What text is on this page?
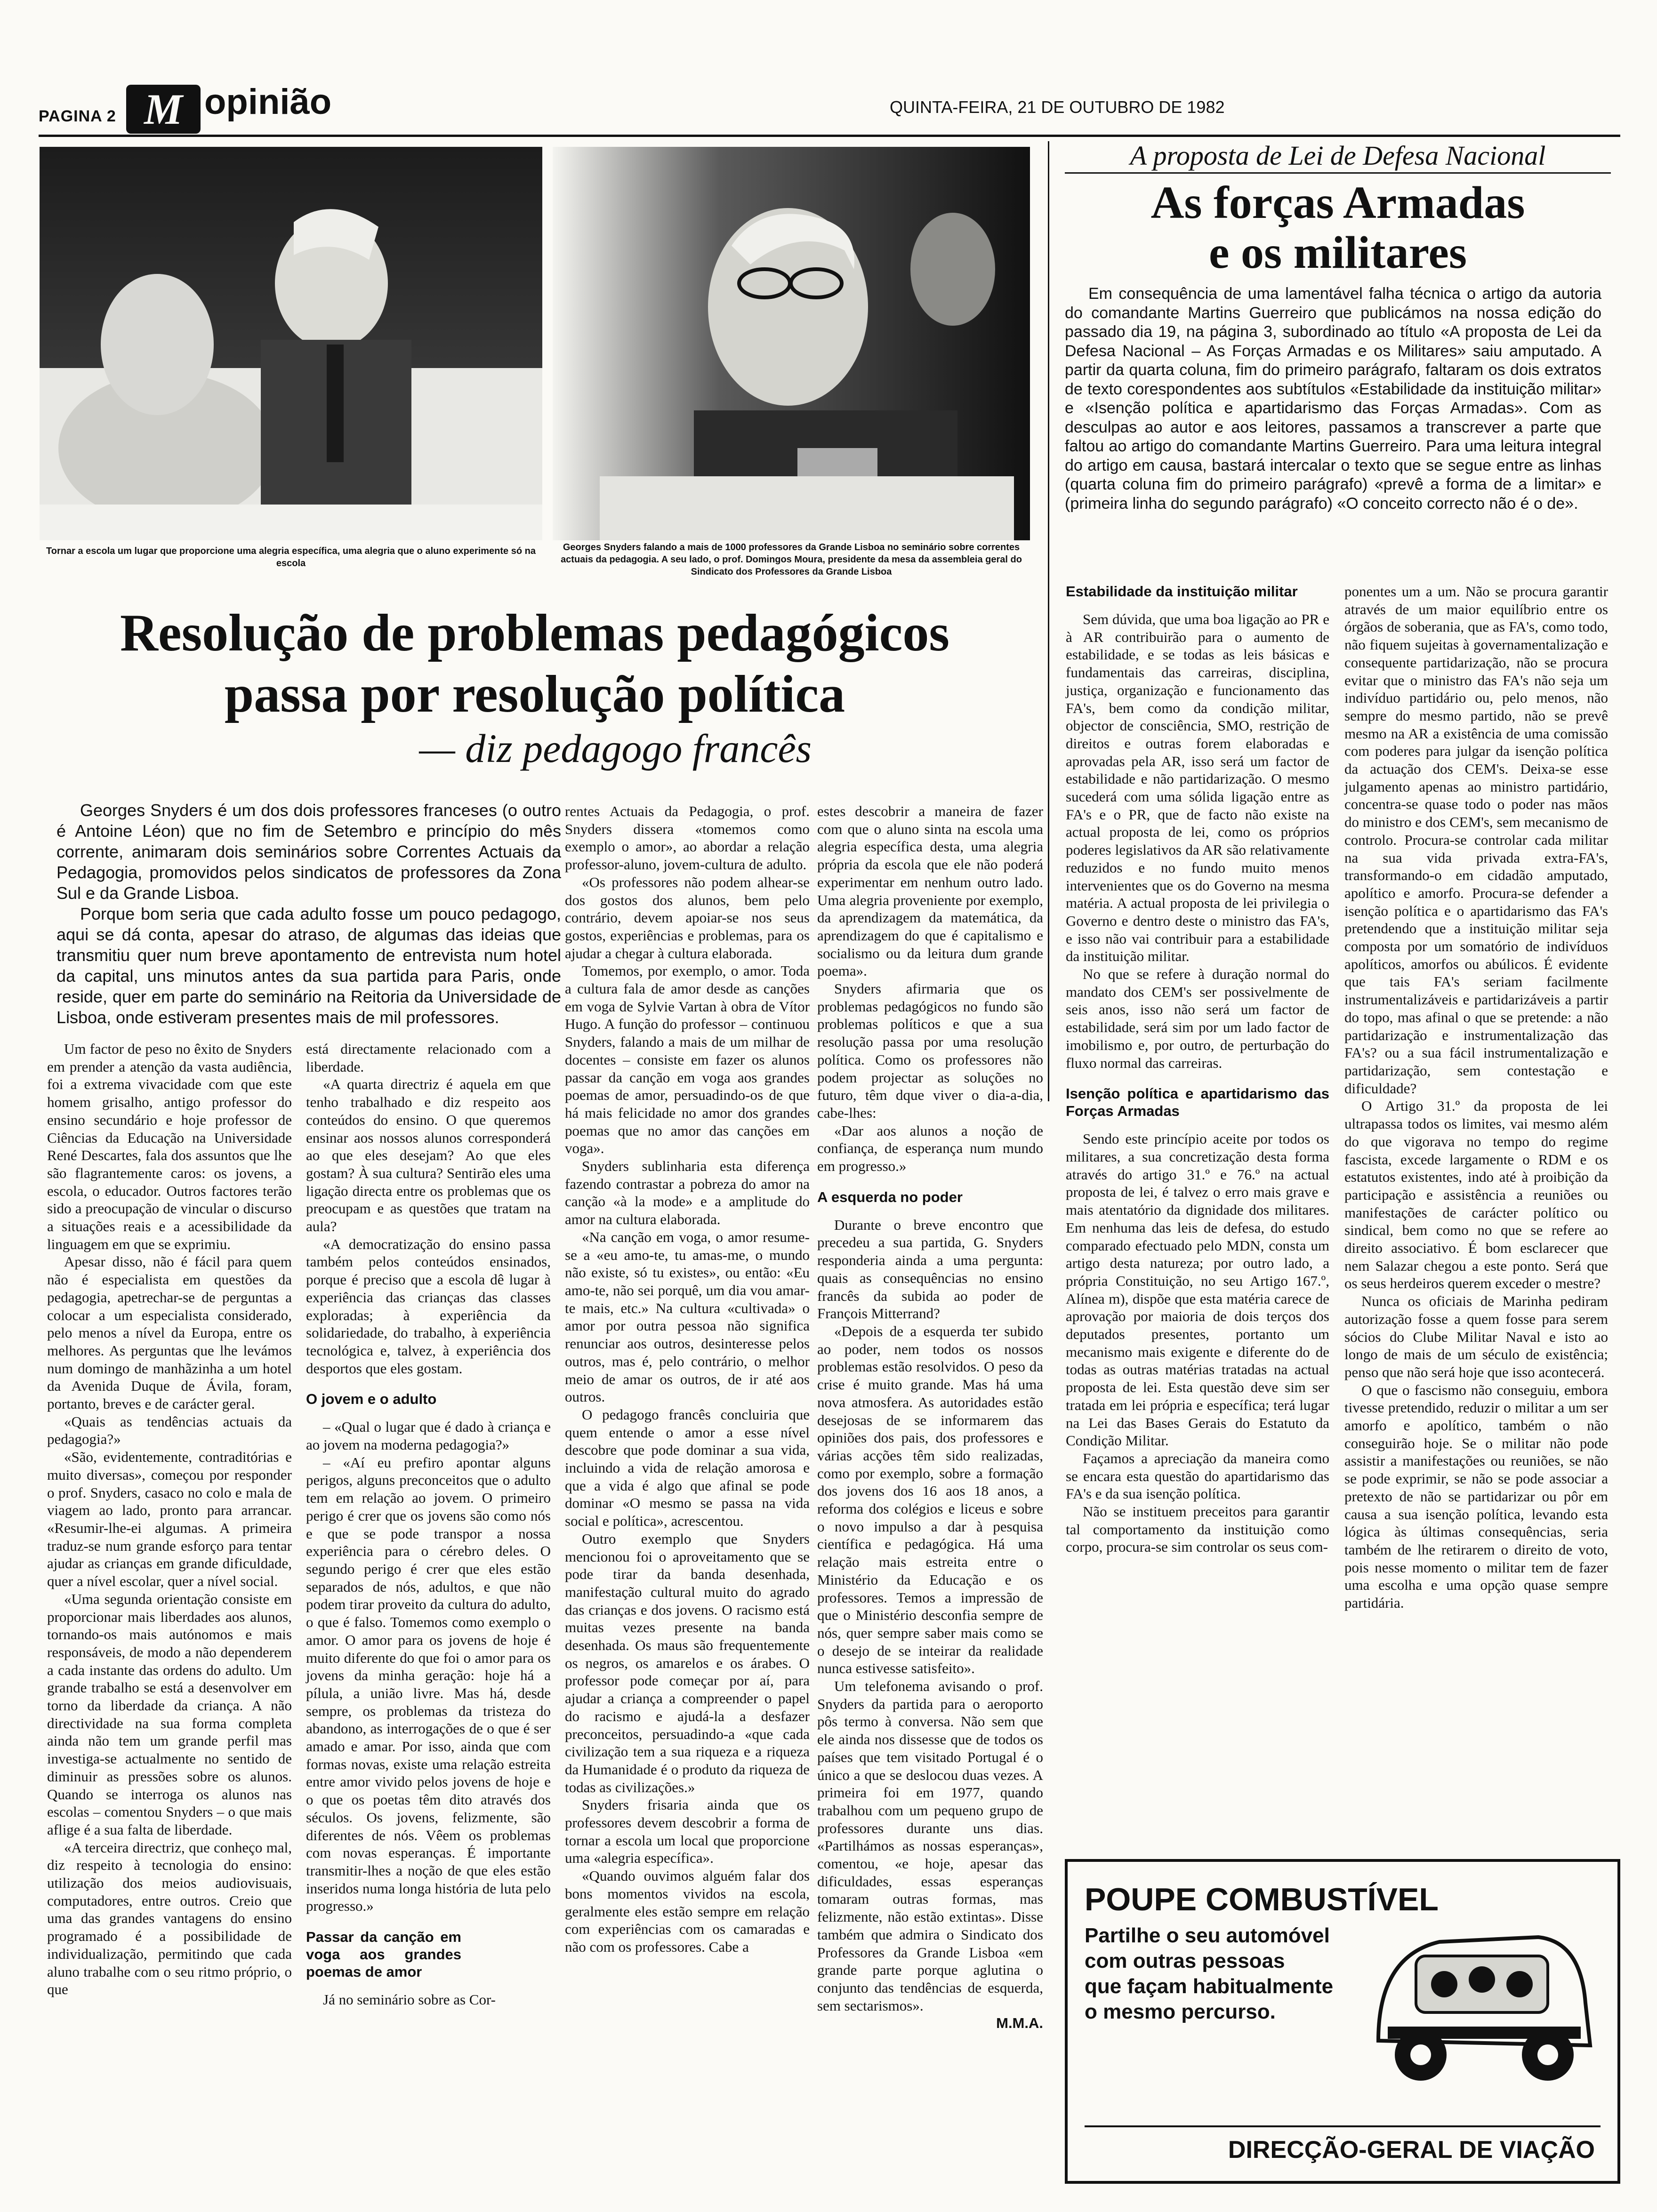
PAGINA 2 M opinião	QUINTA-FEIRA, 21 DE OUTUBRO DE 1982
Tornar a escola um lugar que proporcione uma alegria específica, uma alegria que o aluno experimente só na escola
Georges Snyders falando a mais de 1000 professores da Grande Lisboa no seminário sobre correntes actuais da pedagogia. A seu lado, o prof. Domingos Moura, presidente da mesa da assembleia geral do Sindicato dos Professores da Grande Lisboa
Resolução de problemas pedagógicos
passa por resolução política
— diz pedagogo francês

Georges Snyders é um dos dois professores franceses (o outro é Antoine Léon) que no fim de Setembro e princípio do mês corrente, animaram dois seminários sobre Correntes Actuais da Pedagogia, promovidos pelos sindicatos de professores da Zona Sul e da Grande Lisboa.

Porque bom seria que cada adulto fosse um pouco pedagogo, aqui se dá conta, apesar do atraso, de algumas das ideias que transmitiu quer num breve apontamento de entrevista num hotel da capital, uns minutos antes da sua partida para Paris, onde reside, quer em parte do seminário na Reitoria da Universidade de Lisboa, onde estiveram presentes mais de mil professores.

Um factor de peso no êxito de Snyders em prender a atenção da vasta audiência, foi a extrema vivacidade com que este homem grisalho, antigo professor do ensino secundário e hoje professor de Ciências da Educação na Universidade René Descartes, fala dos assuntos que lhe são flagrantemente caros: os jovens, a escola, o educador. Outros factores terão sido a preocupação de vincular o discurso a situações reais e a acessibilidade da linguagem em que se exprimiu.

Apesar disso, não é fácil para quem não é especialista em questões da pedagogia, apetrechar-se de perguntas a colocar a um especialista considerado, pelo menos a nível da Europa, entre os melhores. As perguntas que lhe levámos num domingo de manhãzinha a um hotel da Avenida Duque de Ávila, foram, portanto, breves e de carácter geral.

«Quais as tendências actuais da pedagogia?»

«São, evidentemente, contraditórias e muito diversas», começou por responder o prof. Snyders, casaco no colo e mala de viagem ao lado, pronto para arrancar. «Resumir-lhe-ei algumas. A primeira traduz-se num grande esforço para tentar ajudar as crianças em grande dificuldade, quer a nível escolar, quer a nível social.

«Uma segunda orientação consiste em proporcionar mais liberdades aos alunos, tornando-os mais autónomos e mais responsáveis, de modo a não dependerem a cada instante das ordens do adulto. Um grande trabalho se está a desenvolver em torno da liberdade da criança. A não directividade na sua forma completa ainda não tem um grande perfil mas investiga-se actualmente no sentido de diminuir as pressões sobre os alunos. Quando se interroga os alunos nas escolas – comentou Snyders – o que mais aflige é a sua falta de liberdade.

«A terceira directriz, que conheço mal, diz respeito à tecnologia do ensino: utilização dos meios audiovisuais, computadores, entre outros. Creio que uma das grandes vantagens do ensino programado é a possibilidade de individualização, permitindo que cada aluno trabalhe com o seu ritmo próprio, o que

está directamente relacionado com a liberdade.

«A quarta directriz é aquela em que tenho trabalhado e diz respeito aos conteúdos do ensino. O que queremos ensinar aos nossos alunos corresponderá ao que eles desejam? Ao que eles gostam? À sua cultura? Sentirão eles uma ligação directa entre os problemas que os preocupam e as questões que tratam na aula?

«A democratização do ensino passa também pelos conteúdos ensinados, porque é preciso que a escola dê lugar à experiência das crianças das classes exploradas; à experiência da solidariedade, do trabalho, à experiência tecnológica e, talvez, à experiência dos desportos que eles gostam.

O jovem e o adulto

– «Qual o lugar que é dado à criança e ao jovem na moderna pedagogia?»

– «Aí eu prefiro apontar alguns perigos, alguns preconceitos que o adulto tem em relação ao jovem. O primeiro perigo é crer que os jovens são como nós e que se pode transpor a nossa experiência para o cérebro deles. O segundo perigo é crer que eles estão separados de nós, adultos, e que não podem tirar proveito da cultura do adulto, o que é falso. Tomemos como exemplo o amor. O amor para os jovens de hoje é muito diferente do que foi o amor para os jovens da minha geração: hoje há a pílula, a união livre. Mas há, desde sempre, os problemas da tristeza do abandono, as interrogações de o que é ser amado e amar. Por isso, ainda que com formas novas, existe uma relação estreita entre amor vivido pelos jovens de hoje e o que os poetas têm dito através dos séculos. Os jovens, felizmente, são diferentes de nós. Vêem os problemas com novas esperanças. É importante transmitir-lhes a noção de que eles estão inseridos numa longa história de luta pelo progresso.»

Passar da canção em voga aos grandes poemas de amor

Já no seminário sobre as Cor-

rentes Actuais da Pedagogia, o prof. Snyders dissera «tomemos como exemplo o amor», ao abordar a relação professor-aluno, jovem-cultura de adulto.

«Os professores não podem alhear-se dos gostos dos alunos, bem pelo contrário, devem apoiar-se nos seus gostos, experiências e problemas, para os ajudar a chegar à cultura elaborada.

Tomemos, por exemplo, o amor. Toda a cultura fala de amor desde as canções em voga de Sylvie Vartan à obra de Vítor Hugo. A função do professor – continuou Snyders, falando a mais de um milhar de docentes – consiste em fazer os alunos passar da canção em voga aos grandes poemas de amor, persuadindo-os de que há mais felicidade no amor dos grandes poemas que no amor das canções em voga».

Snyders sublinharia esta diferença fazendo contrastar a pobreza do amor na canção «à la mode» e a amplitude do amor na cultura elaborada.

«Na canção em voga, o amor resume-se a «eu amo-te, tu amas-me, o mundo não existe, só tu existes», ou então: «Eu amo-te, não sei porquê, um dia vou amar-te mais, etc.» Na cultura «cultivada» o amor por outra pessoa não significa renunciar aos outros, desinteresse pelos outros, mas é, pelo contrário, o melhor meio de amar os outros, de ir até aos outros.

O pedagogo francês concluiria que quem entende o amor a esse nível descobre que pode dominar a sua vida, incluindo a vida de relação amorosa e que a vida é algo que afinal se pode dominar «O mesmo se passa na vida social e política», acrescentou.

Outro exemplo que Snyders mencionou foi o aproveitamento que se pode tirar da banda desenhada, manifestação cultural muito do agrado das crianças e dos jovens. O racismo está muitas vezes presente na banda desenhada. Os maus são frequentemente os negros, os amarelos e os árabes. O professor pode começar por aí, para ajudar a criança a compreender o papel do racismo e ajudá-la a desfazer preconceitos, persuadindo-a «que cada civilização tem a sua riqueza e a riqueza da Humanidade é o produto da riqueza de todas as civilizações.»

Snyders frisaria ainda que os professores devem descobrir a forma de tornar a escola um local que proporcione uma «alegria específica».

«Quando ouvimos alguém falar dos bons momentos vividos na escola, geralmente eles estão sempre em relação com experiências com os camaradas e não com os professores. Cabe a

estes descobrir a maneira de fazer com que o aluno sinta na escola uma alegria específica desta, uma alegria própria da escola que ele não poderá experimentar em nenhum outro lado. Uma alegria proveniente por exemplo, da aprendizagem da matemática, da aprendizagem do que é capitalismo e socialismo ou da leitura dum grande poema».

Snyders afirmaria que os problemas pedagógicos no fundo são problemas políticos e que a sua resolução passa por uma resolução política. Como os professores não podem projectar as soluções no futuro, têm dque viver o dia-a-dia, cabe-lhes:

«Dar aos alunos a noção de confiança, de esperança num mundo em progresso.»

A esquerda no poder

Durante o breve encontro que precedeu a sua partida, G. Snyders responderia ainda a uma pergunta: quais as consequências no ensino francês da subida ao poder de François Mitterrand?

«Depois de a esquerda ter subido ao poder, nem todos os nossos problemas estão resolvidos. O peso da crise é muito grande. Mas há uma nova atmosfera. As autoridades estão desejosas de se informarem das opiniões dos pais, dos professores e várias acções têm sido realizadas, como por exemplo, sobre a formação dos jovens dos 16 aos 18 anos, a reforma dos colégios e liceus e sobre o novo impulso a dar à pesquisa científica e pedagógica. Há uma relação mais estreita entre o Ministério da Educação e os professores. Temos a impressão de que o Ministério desconfia sempre de nós, quer sempre saber mais como se o desejo de se inteirar da realidade nunca estivesse satisfeito».

Um telefonema avisando o prof. Snyders da partida para o aeroporto pôs termo à conversa. Não sem que ele ainda nos dissesse que de todos os países que tem visitado Portugal é o único a que se deslocou duas vezes. A primeira foi em 1977, quando trabalhou com um pequeno grupo de professores durante uns dias. «Partilhámos as nossas esperanças», comentou, «e hoje, apesar das dificuldades, essas esperanças tomaram outras formas, mas felizmente, não estão extintas». Disse também que admira o Sindicato dos Professores da Grande Lisboa «em grande parte porque aglutina o conjunto das tendências de esquerda, sem sectarismos».

M.M.A.

A proposta de Lei de Defesa Nacional
As forças Armadas
e os militares

Em consequência de uma lamentável falha técnica o artigo da autoria do comandante Martins Guerreiro que publicámos na nossa edição do passado dia 19, na página 3, subordinado ao título «A proposta de Lei da Defesa Nacional – As Forças Armadas e os Militares» saiu amputado. A partir da quarta coluna, fim do primeiro parágrafo, faltaram os dois extratos de texto corespondentes aos subtítulos «Estabilidade da instituição militar» e «Isenção política e apartidarismo das Forças Armadas». Com as desculpas ao autor e aos leitores, passamos a transcrever a parte que faltou ao artigo do comandante Martins Guerreiro. Para uma leitura integral do artigo em causa, bastará intercalar o texto que se segue entre as linhas (quarta coluna fim do primeiro parágrafo) «prevê a forma de a limitar» e (primeira linha do segundo parágrafo) «O conceito correcto não é o de».

Estabilidade da instituição militar

Sem dúvida, que uma boa ligação ao PR e à AR contribuirão para o aumento de estabilidade, e se todas as leis básicas e fundamentais das carreiras, disciplina, justiça, organização e funcionamento das FA's, bem como da condição militar, objector de consciência, SMO, restrição de direitos e outras forem elaboradas e aprovadas pela AR, isso será um factor de estabilidade e não partidarização. O mesmo sucederá com uma sólida ligação entre as FA's e o PR, que de facto não existe na actual proposta de lei, como os próprios poderes legislativos da AR são relativamente reduzidos e no fundo muito menos intervenientes que os do Governo na mesma matéria. A actual proposta de lei privilegia o Governo e dentro deste o ministro das FA's, e isso não vai contribuir para a estabilidade da instituição militar.

No que se refere à duração normal do mandato dos CEM's ser possivelmente de seis anos, isso não será um factor de estabilidade, será sim por um lado factor de imobilismo e, por outro, de perturbação do fluxo normal das carreiras.

Isenção política e apartidarismo das Forças Armadas

Sendo este princípio aceite por todos os militares, a sua concretização desta forma através do artigo 31.º e 76.º na actual proposta de lei, é talvez o erro mais grave e mais atentatório da dignidade dos militares. Em nenhuma das leis de defesa, do estudo comparado efectuado pelo MDN, consta um artigo desta natureza; por outro lado, a própria Constituição, no seu Artigo 167.º, Alínea m), dispõe que esta matéria carece de aprovação por maioria de dois terços dos deputados presentes, portanto um mecanismo mais exigente e diferente do de todas as outras matérias tratadas na actual proposta de lei. Esta questão deve sim ser tratada em lei própria e específica; terá lugar na Lei das Bases Gerais do Estatuto da Condição Militar.

Façamos a apreciação da maneira como se encara esta questão do apartidarismo das FA's e da sua isenção política.

Não se instituem preceitos para garantir tal comportamento da instituição como corpo, procura-se sim controlar os seus com-

ponentes um a um. Não se procura garantir através de um maior equilíbrio entre os órgãos de soberania, que as FA's, como todo, não fiquem sujeitas à governamentalização e consequente partidarização, não se procura evitar que o ministro das FA's não seja um indivíduo partidário ou, pelo menos, não sempre do mesmo partido, não se prevê mesmo na AR a existência de uma comissão com poderes para julgar da isenção política da actuação dos CEM's. Deixa-se esse julgamento apenas ao ministro partidário, concentra-se quase todo o poder nas mãos do ministro e dos CEM's, sem mecanismo de controlo. Procura-se controlar cada militar na sua vida privada extra-FA's, transformando-o em cidadão amputado, apolítico e amorfo. Procura-se defender a isenção política e o apartidarismo das FA's pretendendo que a instituição militar seja composta por um somatório de indivíduos apolíticos, amorfos ou abúlicos. É evidente que tais FA's seriam facilmente instrumentalizáveis e partidarizáveis a partir do topo, mas afinal o que se pretende: a não partidarização e instrumentalização das FA's? ou a sua fácil instrumentalização e partidarização, sem contestação e dificuldade?

O Artigo 31.º da proposta de lei ultrapassa todos os limites, vai mesmo além do que vigorava no tempo do regime fascista, excede largamente o RDM e os estatutos existentes, indo até à proibição da participação e assistência a reuniões ou manifestações de carácter político ou sindical, bem como no que se refere ao direito associativo. É bom esclarecer que nem Salazar chegou a este ponto. Será que os seus herdeiros querem exceder o mestre?

Nunca os oficiais de Marinha pediram autorização fosse a quem fosse para serem sócios do Clube Militar Naval e isto ao longo de mais de um século de existência; penso que não será hoje que isso acontecerá.

O que o fascismo não conseguiu, embora tivesse pretendido, reduzir o militar a um ser amorfo e apolítico, também o não conseguirão hoje. Se o militar não pode assistir a manifestações ou reuniões, se não se pode exprimir, se não se pode associar a pretexto de não se partidarizar ou pôr em causa a sua isenção política, levando esta lógica às últimas consequências, seria também de lhe retirarem o direito de voto, pois nesse momento o militar tem de fazer uma escolha e uma opção quase sempre partidária.

POUPE COMBUSTÍVEL
Partilhe o seu automóvel
com outras pessoas
que façam habitualmente
o mesmo percurso.
DIRECÇÃO-GERAL DE VIAÇÃO
